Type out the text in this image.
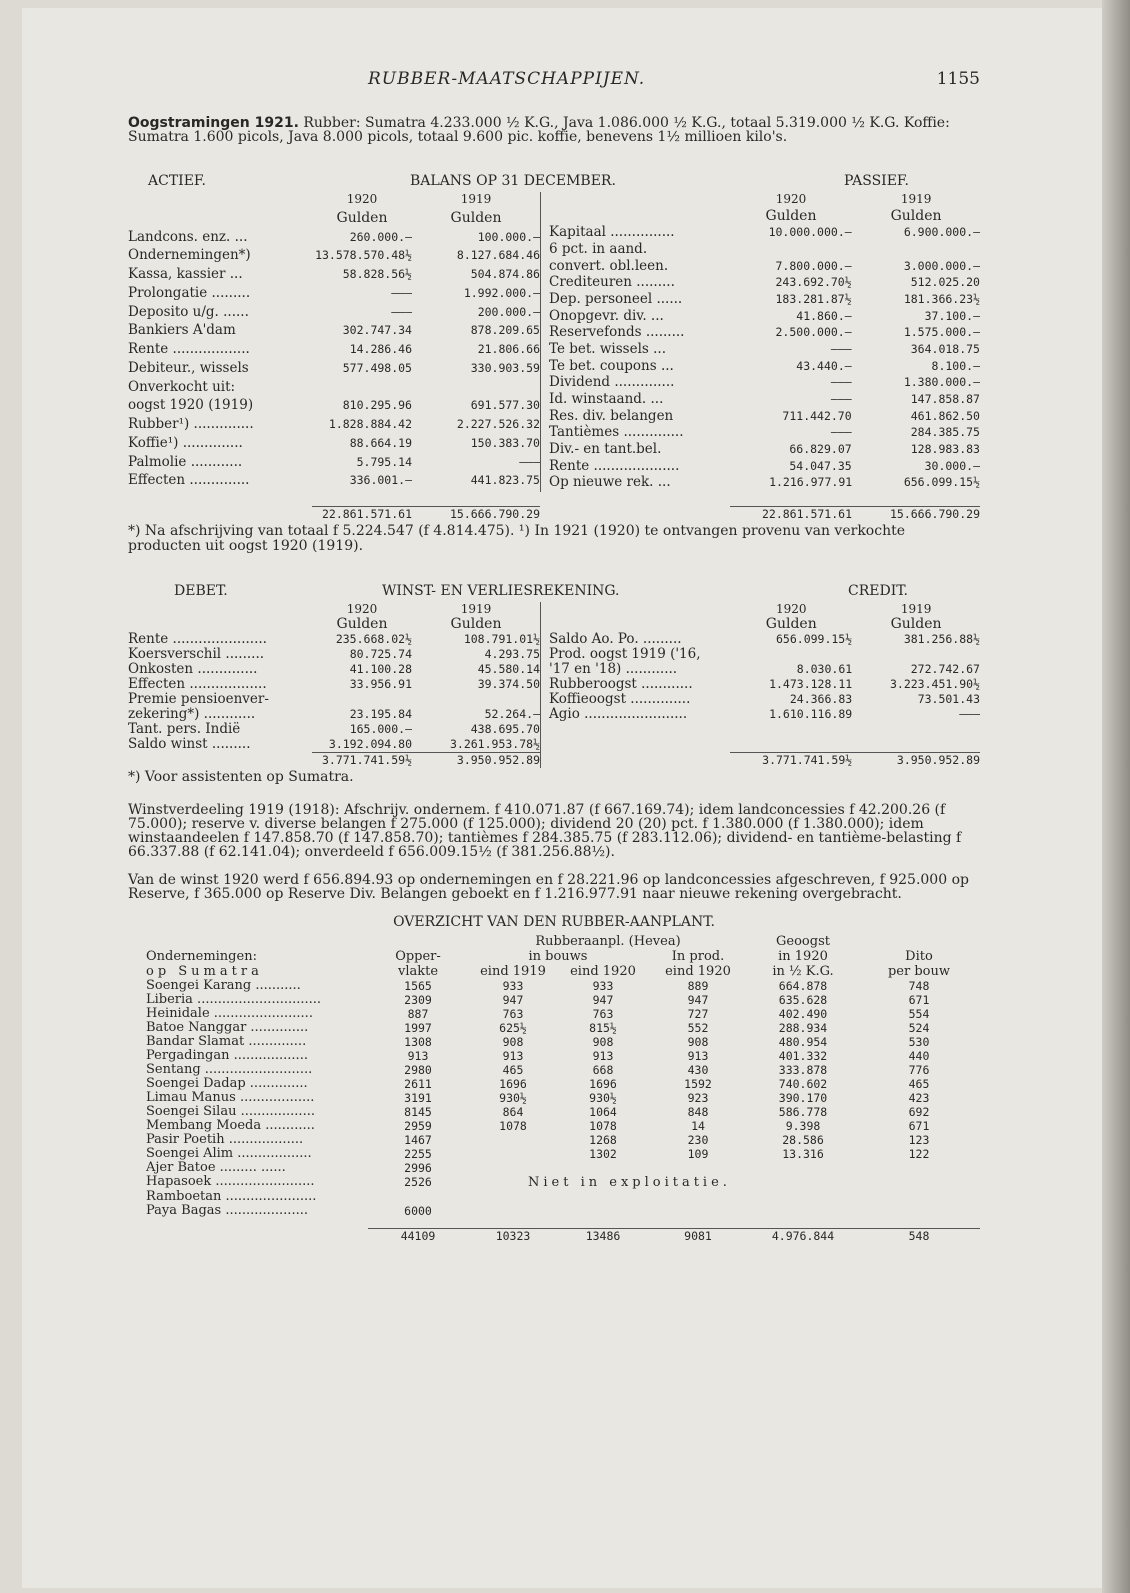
RUBBER-MAATSCHAPPIJEN.	1155

Oogstramingen 1921. Rubber: Sumatra 4.233.000 ½ K.G., Java 1.086.000 ½ K.G., totaal 5.319.000 ½ K.G. Koffie: Sumatra 1.600 picols, Java 8.000 picols, totaal 9.600 pic. koffie, benevens 1½ millioen kilo's.

ACTIEF.	BALANS OP 31 DECEMBER.	PASSIEF.
	1920	1919
	Gulden	Gulden
Landcons. enz. ...	260.000.—	100.000.—
Ondernemingen*)	13.578.570.48½	8.127.684.46
Kassa, kassier ...	58.828.56½	504.874.86
Prolongatie .........	———	1.992.000.—
Deposito u/g. ......	———	200.000.—
Bankiers A'dam	302.747.34	878.209.65
Rente ..................	14.286.46	21.806.66
Debiteur., wissels	577.498.05	330.903.59
Onverkocht uit:		
oogst 1920 (1919)	810.295.96	691.577.30
Rubber¹) ..............	1.828.884.42	2.227.526.32
Koffie¹) ..............	88.664.19	150.383.70
Palmolie ............	5.795.14	———
Effecten ..............	336.001.—	441.823.75
	1920	1919
	Gulden	Gulden
Kapitaal ...............	10.000.000.—	6.900.000.—
6 pct. in aand.		
convert. obl.leen.	7.800.000.—	3.000.000.—
Crediteuren .........	243.692.70½	512.025.20
Dep. personeel ......	183.281.87½	181.366.23½
Onopgevr. div. ...	41.860.—	37.100.—
Reservefonds .........	2.500.000.—	1.575.000.—
Te bet. wissels ...	———	364.018.75
Te bet. coupons ...	43.440.—	8.100.—
Dividend ..............	———	1.380.000.—
Id. winstaand. ...	———	147.858.87
Res. div. belangen	711.442.70	461.862.50
Tantièmes ..............	———	284.385.75
Div.- en tant.bel.	66.829.07	128.983.83
Rente ....................	54.047.35	30.000.—
Op nieuwe rek. ...	1.216.977.91	656.099.15½
	22.861.571.61	15.666.790.29
		22.861.571.61	15.666.790.29
*) Na afschrijving van totaal f 5.224.547 (f 4.814.475). ¹) In 1921 (1920) te ontvangen provenu van verkochte producten uit oogst 1920 (1919).
DEBET.	WINST- EN VERLIESREKENING.	CREDIT.
	1920	1919
	Gulden	Gulden
Rente ......................	235.668.02½	108.791.01½
Koersverschil .........	80.725.74	4.293.75
Onkosten ..............	41.100.28	45.580.14
Effecten ..................	33.956.91	39.374.50
Premie pensioenver-		
zekering*) ............	23.195.84	52.264.—
Tant. pers. Indië	165.000.—	438.695.70
Saldo winst .........	3.192.094.80	3.261.953.78½
	3.771.741.59½	3.950.952.89
	1920	1919
	Gulden	Gulden
Saldo Ao. Po. .........	656.099.15½	381.256.88½
Prod. oogst 1919 ('16,		
'17 en '18) ............	8.030.61	272.742.67
Rubberoogst ............	1.473.128.11	3.223.451.90½
Koffieoogst ..............	24.366.83	73.501.43
Agio ........................	1.610.116.89	———

	3.771.741.59½	3.950.952.89
*) Voor assistenten op Sumatra.

Winstverdeeling 1919 (1918): Afschrijv. ondernem. f 410.071.87 (f 667.169.74); idem landconcessies f 42.200.26 (f 75.000); reserve v. diverse belangen f 275.000 (f 125.000); dividend 20 (20) pct. f 1.380.000 (f 1.380.000); idem winstaandeelen f 147.858.70 (f 147.858.70); tantièmes f 284.385.75 (f 283.112.06); dividend- en tantième-belasting f 66.337.88 (f 62.141.04); onverdeeld f 656.009.15½ (f 381.256.88½).

Van de winst 1920 werd f 656.894.93 op ondernemingen en f 28.221.96 op landconcessies afgeschreven, f 925.000 op Reserve, f 365.000 op Reserve Div. Belangen geboekt en f 1.216.977.91 naar nieuwe rekening overgebracht.

OVERZICHT VAN DEN RUBBER-AANPLANT.
		Rubberaanpl. (Hevea)			Geoogst	
Ondernemingen:	Opper-	in bouws		In prod.	in 1920	Dito
op Sumatra	vlakte	eind 1919	eind 1920	eind 1920	in ½ K.G.	per bouw
Soengei Karang ...........	1565	933	933	889	664.878	748
Liberia ..............................	2309	947	947	947	635.628	671
Heinidale ........................	887	763	763	727	402.490	554
Batoe Nanggar ..............	1997	625½	815½	552	288.934	524
Bandar Slamat ..............	1308	908	908	908	480.954	530
Pergadingan ..................	913	913	913	913	401.332	440
Sentang ..........................	2980	465	668	430	333.878	776
Soengei Dadap ..............	2611	1696	1696	1592	740.602	465
Limau Manus ..................	3191	930½	930½	923	390.170	423
Soengei Silau ..................	8145	864	1064	848	586.778	692
Membang Moeda ............	2959	1078	1078	14	9.398	671
Pasir Poetih ..................	1467		1268	230	28.586	123
Soengei Alim ..................	2255		1302	109	13.316	122
Ajer Batoe ......... ......	2996					
Hapasoek ........................	2526	Niet in exploitatie.				
Ramboetan ......................						
Paya Bagas ....................	6000					

	44109	10323	13486	9081	4.976.844	548
